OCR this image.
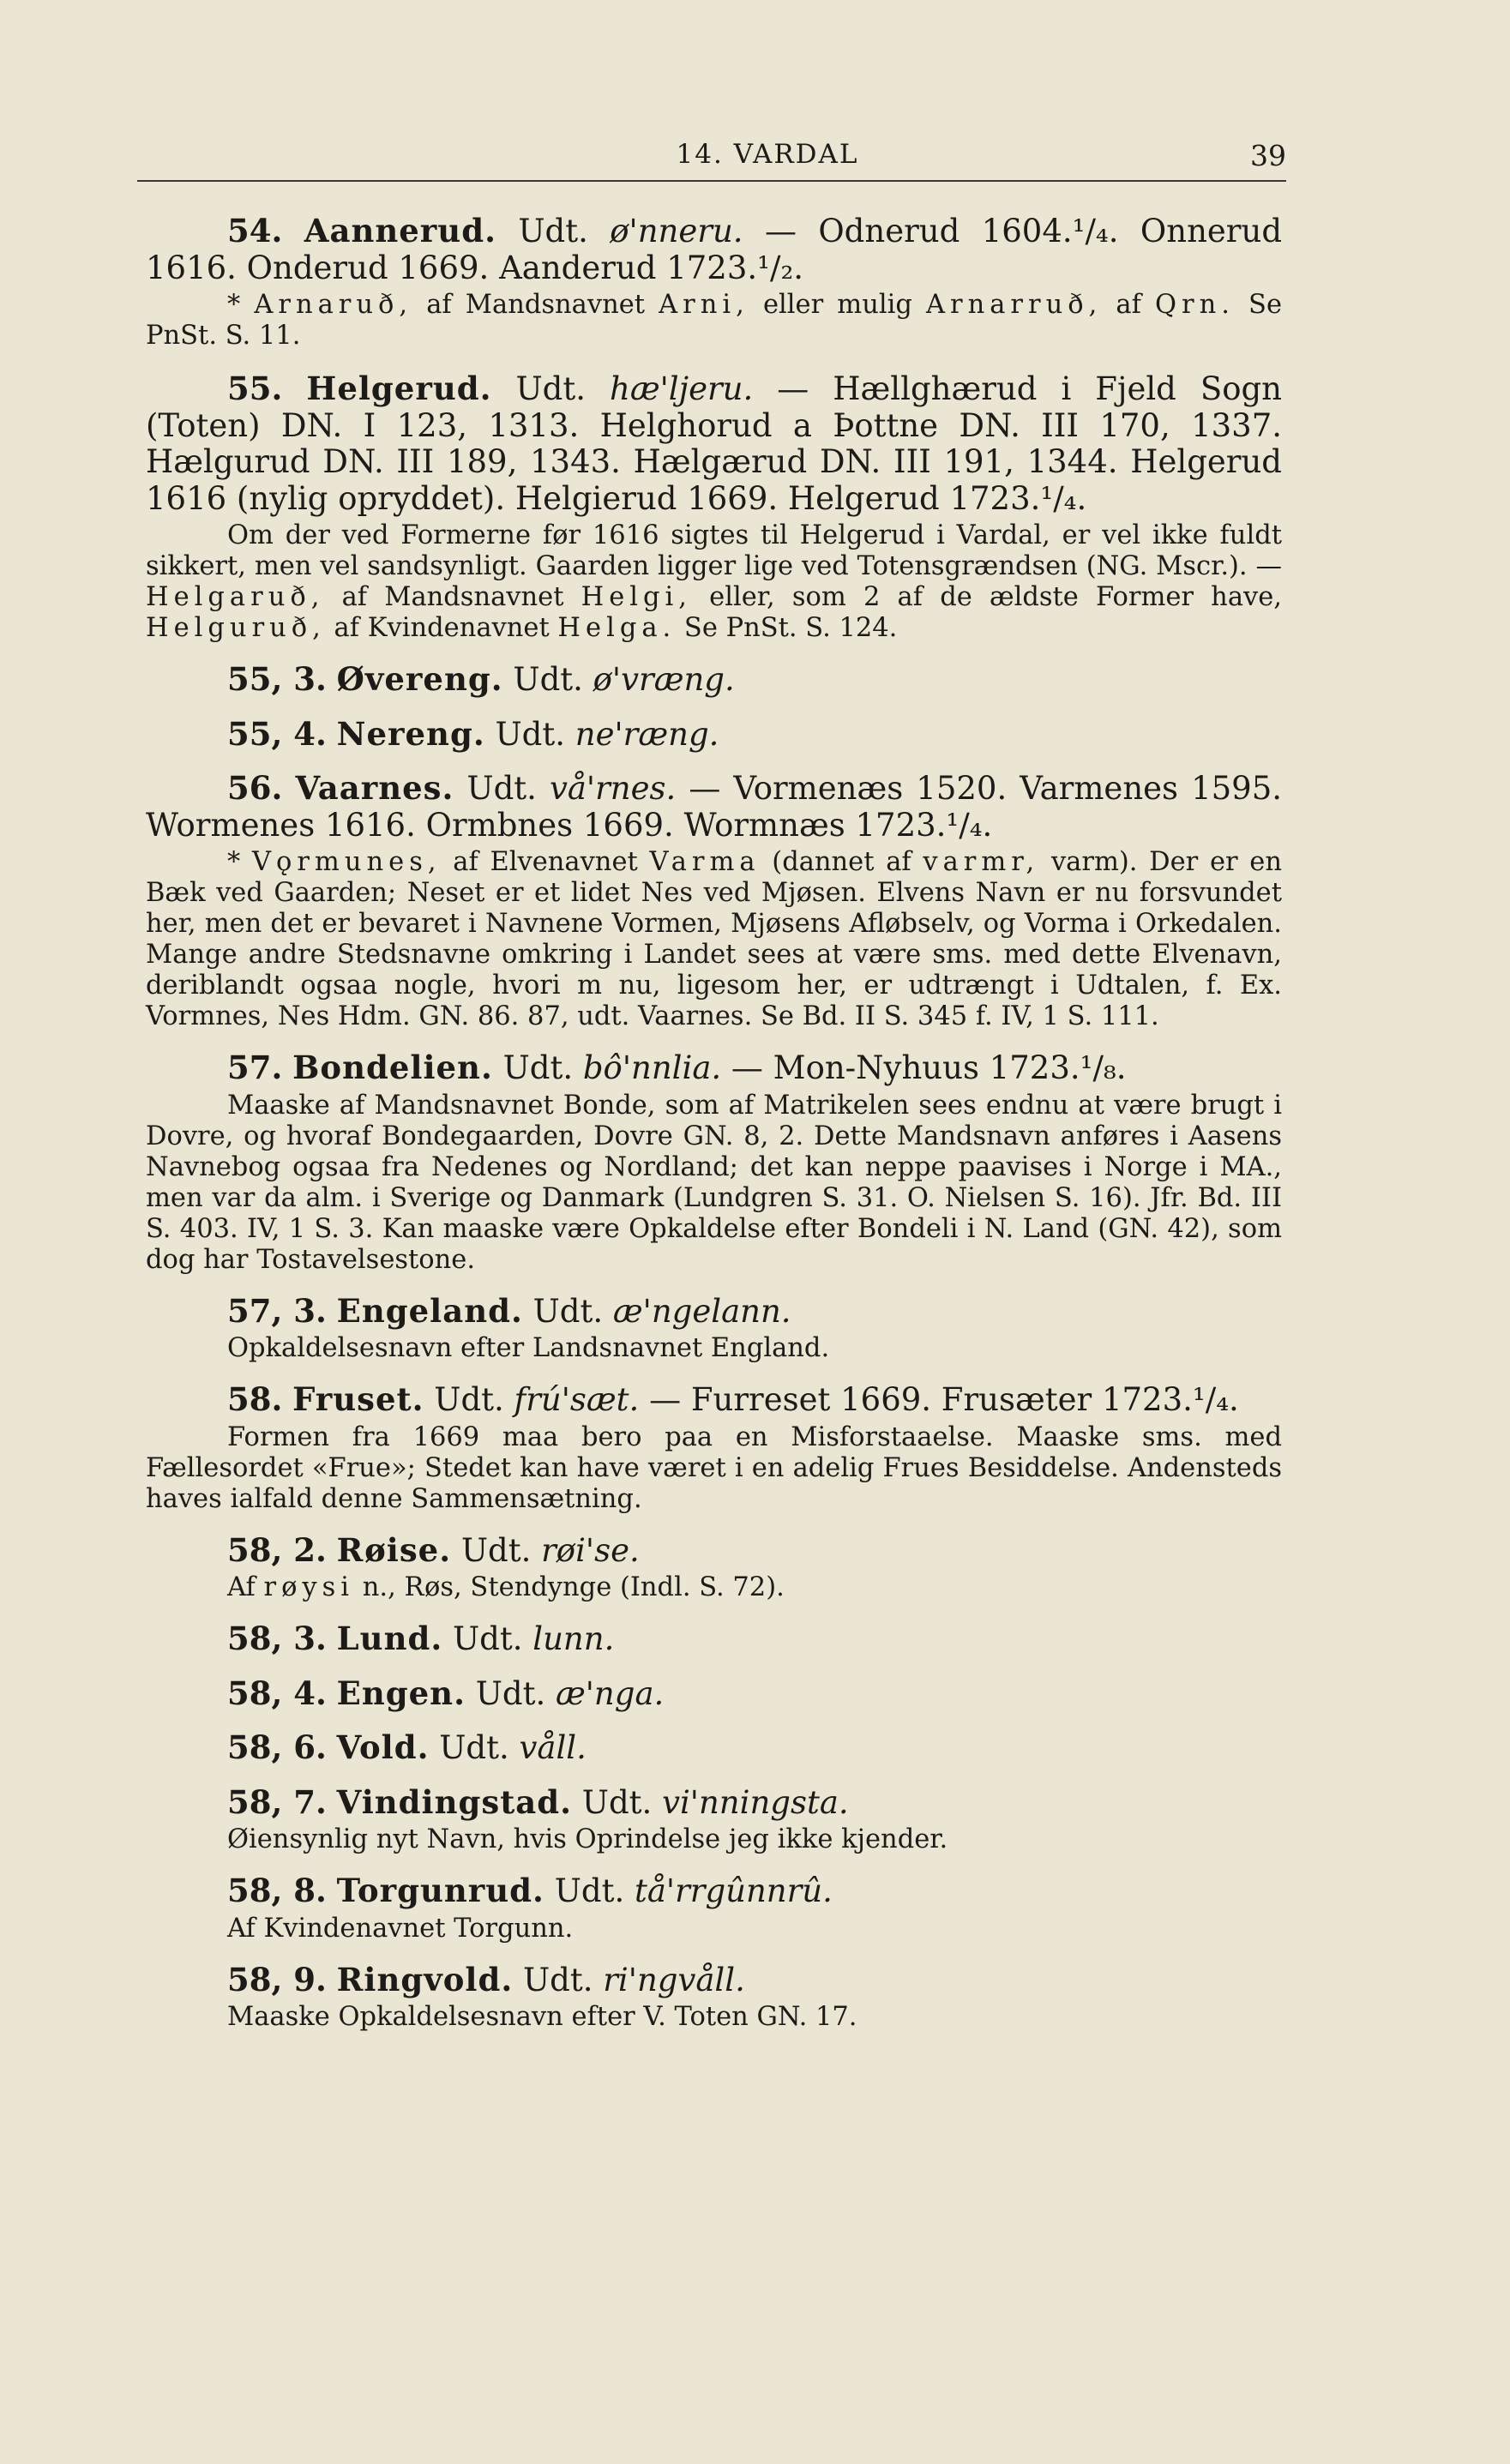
14. VARDAL	39

54. Aannerud. Udt. ø'nneru. — Odnerud 1604.¹/₄. Onnerud 1616. Onderud 1669. Aanderud 1723.¹/₂.

* Arnaruð, af Mandsnavnet Arni, eller mulig Arnarruð, af Qrn. Se PnSt. S. 11.

55. Helgerud. Udt. hæ'ljeru. — Hællghærud i Fjeld Sogn (Toten) DN. I 123, 1313. Helghorud a Þottne DN. III 170, 1337. Hælgurud DN. III 189, 1343. Hælgærud DN. III 191, 1344. Helgerud 1616 (nylig opryddet). Helgierud 1669. Helgerud 1723.¹/₄.

Om der ved Formerne før 1616 sigtes til Helgerud i Vardal, er vel ikke fuldt sikkert, men vel sandsynligt. Gaarden ligger lige ved Totensgrændsen (NG. Mscr.). — Helgaruð, af Mandsnavnet Helgi, eller, som 2 af de ældste Former have, Helguruð, af Kvindenavnet Helga. Se PnSt. S. 124.

55, 3. Øvereng. Udt. ø'vræng.

55, 4. Nereng. Udt. ne'ræng.

56. Vaarnes. Udt. vå'rnes. — Vormenæs 1520. Varmenes 1595. Wormenes 1616. Ormbnes 1669. Wormnæs 1723.¹/₄.

* Vǫrmunes, af Elvenavnet Varma (dannet af varmr, varm). Der er en Bæk ved Gaarden; Neset er et lidet Nes ved Mjøsen. Elvens Navn er nu forsvundet her, men det er bevaret i Navnene Vormen, Mjøsens Afløbselv, og Vorma i Orkedalen. Mange andre Stedsnavne omkring i Landet sees at være sms. med dette Elvenavn, deriblandt ogsaa nogle, hvori m nu, ligesom her, er udtrængt i Udtalen, f. Ex. Vormnes, Nes Hdm. GN. 86. 87, udt. Vaarnes. Se Bd. II S. 345 f. IV, 1 S. 111.

57. Bondelien. Udt. bô'nnlia. — Mon-Nyhuus 1723.¹/₈.

Maaske af Mandsnavnet Bonde, som af Matrikelen sees endnu at være brugt i Dovre, og hvoraf Bondegaarden, Dovre GN. 8, 2. Dette Mandsnavn anføres i Aasens Navnebog ogsaa fra Nedenes og Nordland; det kan neppe paavises i Norge i MA., men var da alm. i Sverige og Danmark (Lundgren S. 31. O. Nielsen S. 16). Jfr. Bd. III S. 403. IV, 1 S. 3. Kan maaske være Opkaldelse efter Bondeli i N. Land (GN. 42), som dog har Tostavelsestone.

57, 3. Engeland. Udt. æ'ngelann.

Opkaldelsesnavn efter Landsnavnet England.

58. Fruset. Udt. frú'sæt. — Furreset 1669. Frusæter 1723.¹/₄.

Formen fra 1669 maa bero paa en Misforstaaelse. Maaske sms. med Fællesordet «Frue»; Stedet kan have været i en adelig Frues Besiddelse. Andensteds haves ialfald denne Sammensætning.

58, 2. Røise. Udt. røi'se.

Af røysi n., Røs, Stendynge (Indl. S. 72).

58, 3. Lund. Udt. lunn.

58, 4. Engen. Udt. æ'nga.

58, 6. Vold. Udt. våll.

58, 7. Vindingstad. Udt. vi'nningsta.

Øiensynlig nyt Navn, hvis Oprindelse jeg ikke kjender.

58, 8. Torgunrud. Udt. tå'rrgûnnrû.

Af Kvindenavnet Torgunn.

58, 9. Ringvold. Udt. ri'ngvåll.

Maaske Opkaldelsesnavn efter V. Toten GN. 17.
